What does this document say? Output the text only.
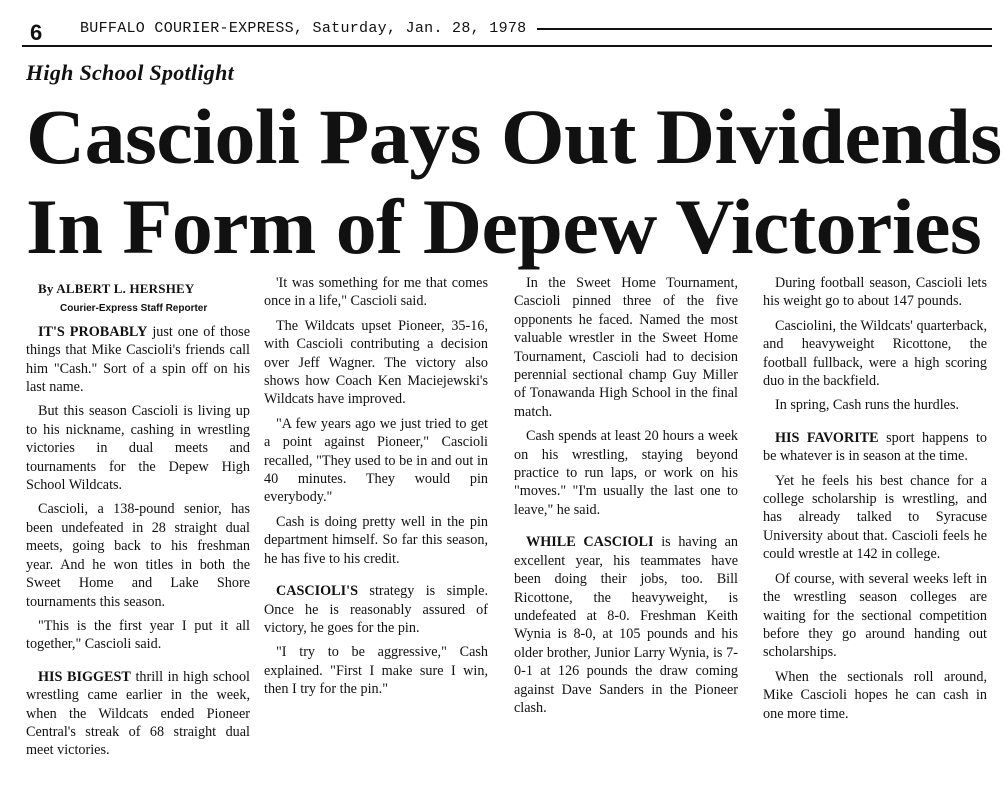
6	BUFFALO COURIER-EXPRESS, Saturday, Jan. 28, 1978
High School Spotlight
Cascioli Pays Out Dividends
In Form of Depew Victories
By ALBERT L. HERSHEY
Courier-Express Staff Reporter

IT'S PROBABLY just one of those things that Mike Cascioli's friends call him "Cash." Sort of a spin off on his last name.

But this season Cascioli is living up to his nickname, cashing in wrestling victories in dual meets and tournaments for the Depew High School Wildcats.

Cascioli, a 138-pound senior, has been undefeated in 28 straight dual meets, going back to his freshman year. And he won titles in both the Sweet Home and Lake Shore tournaments this season.

"This is the first year I put it all together," Cascioli said.

HIS BIGGEST thrill in high school wrestling came earlier in the week, when the Wildcats ended Pioneer Central's streak of 68 straight dual meet victories.

'It was something for me that comes once in a life," Cascioli said.

The Wildcats upset Pioneer, 35-16, with Cascioli contributing a decision over Jeff Wagner. The victory also shows how Coach Ken Maciejewski's Wildcats have improved.

"A few years ago we just tried to get a point against Pioneer," Cascioli recalled, "They used to be in and out in 40 minutes. They would pin everybody."

Cash is doing pretty well in the pin department himself. So far this season, he has five to his credit.

CASCIOLI'S strategy is simple. Once he is reasonably assured of victory, he goes for the pin.

"I try to be aggressive," Cash explained. "First I make sure I win, then I try for the pin."

In the Sweet Home Tournament, Cascioli pinned three of the five opponents he faced. Named the most valuable wrestler in the Sweet Home Tournament, Cascioli had to decision perennial sectional champ Guy Miller of Tonawanda High School in the final match.

Cash spends at least 20 hours a week on his wrestling, staying beyond practice to run laps, or work on his "moves." "I'm usually the last one to leave," he said.

WHILE CASCIOLI is having an excellent year, his teammates have been doing their jobs, too. Bill Ricottone, the heavyweight, is undefeated at 8-0. Freshman Keith Wynia is 8-0, at 105 pounds and his older brother, Junior Larry Wynia, is 7-0-1 at 126 pounds the draw coming against Dave Sanders in the Pioneer clash.

During football season, Cascioli lets his weight go to about 147 pounds.

Casciolini, the Wildcats' quarterback, and heavyweight Ricottone, the football fullback, were a high scoring duo in the backfield.

In spring, Cash runs the hurdles.

HIS FAVORITE sport happens to be whatever is in season at the time.

Yet he feels his best chance for a college scholarship is wrestling, and has already talked to Syracuse University about that. Cascioli feels he could wrestle at 142 in college.

Of course, with several weeks left in the wrestling season colleges are waiting for the sectional competition before they go around handing out scholarships.

When the sectionals roll around, Mike Cascioli hopes he can cash in one more time.
